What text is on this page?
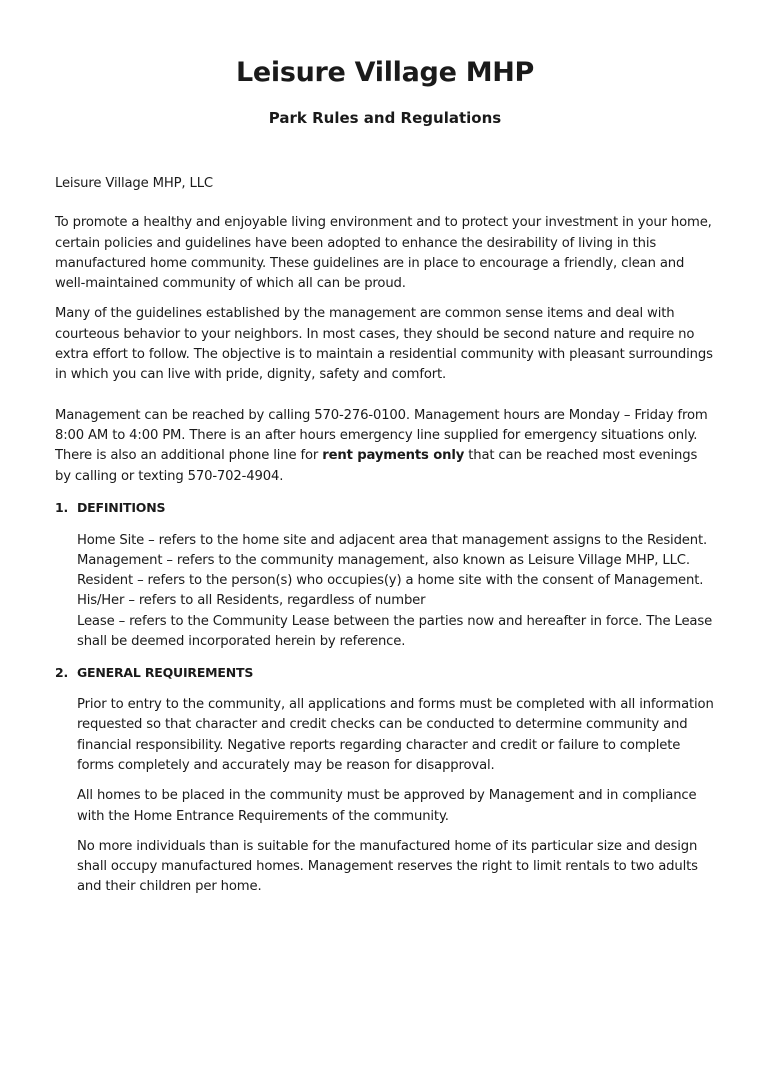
Leisure Village MHP
Park Rules and Regulations

Leisure Village MHP, LLC

To promote a healthy and enjoyable living environment and to protect your investment in your home, certain policies and guidelines have been adopted to enhance the desirability of living in this manufactured home community. These guidelines are in place to encourage a friendly, clean and well-maintained community of which all can be proud.

Many of the guidelines established by the management are common sense items and deal with courteous behavior to your neighbors. In most cases, they should be second nature and require no extra effort to follow. The objective is to maintain a residential community with pleasant surroundings in which you can live with pride, dignity, safety and comfort.

Management can be reached by calling 570-276-0100. Management hours are Monday – Friday from 8:00 AM to 4:00 PM. There is an after hours emergency line supplied for emergency situations only. There is also an additional phone line for rent payments only that can be reached most evenings by calling or texting 570-702-4904.

1. DEFINITIONS

Home Site – refers to the home site and adjacent area that management assigns to the Resident.

Management – refers to the community management, also known as Leisure Village MHP, LLC.

Resident – refers to the person(s) who occupies(y) a home site with the consent of Management.

His/Her – refers to all Residents, regardless of number

Lease – refers to the Community Lease between the parties now and hereafter in force. The Lease shall be deemed incorporated herein by reference.

2. GENERAL REQUIREMENTS

Prior to entry to the community, all applications and forms must be completed with all information requested so that character and credit checks can be conducted to determine community and financial responsibility. Negative reports regarding character and credit or failure to complete forms completely and accurately may be reason for disapproval.

All homes to be placed in the community must be approved by Management and in compliance with the Home Entrance Requirements of the community.

No more individuals than is suitable for the manufactured home of its particular size and design shall occupy manufactured homes. Management reserves the right to limit rentals to two adults and their children per home.
